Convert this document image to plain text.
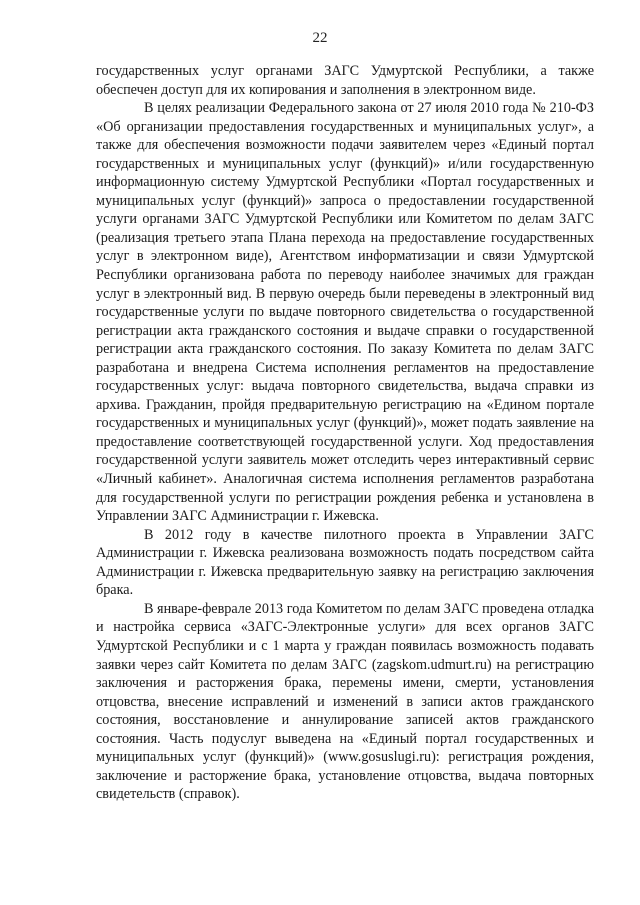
22

государственных услуг органами ЗАГС Удмуртской Республики, а также обеспечен доступ для их копирования и заполнения в электронном виде.

В целях реализации Федерального закона от 27 июля 2010 года № 210-ФЗ «Об организации предоставления государственных и муниципальных услуг», а также для обеспечения возможности подачи заявителем через «Единый портал государственных и муниципальных услуг (функций)» и/или государственную информационную систему Удмуртской Республики «Портал государственных и муниципальных услуг (функций)» запроса о предоставлении государственной услуги органами ЗАГС Удмуртской Республики или Комитетом по делам ЗАГС (реализация третьего этапа Плана перехода на предоставление государственных услуг в электронном виде), Агентством информатизации и связи Удмуртской Республики организована работа по переводу наиболее значимых для граждан услуг в электронный вид. В первую очередь были переведены в электронный вид государственные услуги по выдаче повторного свидетельства о государственной регистрации акта гражданского состояния и выдаче справки о государственной регистрации акта гражданского состояния. По заказу Комитета по делам ЗАГС разработана и внедрена Система исполнения регламентов на предоставление государственных услуг: выдача повторного свидетельства, выдача справки из архива. Гражданин, пройдя предварительную регистрацию на «Едином портале государственных и муниципальных услуг (функций)», может подать заявление на предоставление соответствующей государственной услуги. Ход предоставления государственной услуги заявитель может отследить через интерактивный сервис «Личный кабинет». Аналогичная система исполнения регламентов разработана для государственной услуги по регистрации рождения ребенка и установлена в Управлении ЗАГС Администрации г. Ижевска.

В 2012 году в качестве пилотного проекта в Управлении ЗАГС Администрации г. Ижевска реализована возможность подать посредством сайта Администрации г. Ижевска предварительную заявку на регистрацию заключения брака.

В январе-феврале 2013 года Комитетом по делам ЗАГС проведена отладка и настройка сервиса «ЗАГС-Электронные услуги» для всех органов ЗАГС Удмуртской Республики и с 1 марта у граждан появилась возможность подавать заявки через сайт Комитета по делам ЗАГС (zagskom.udmurt.ru) на регистрацию заключения и расторжения брака, перемены имени, смерти, установления отцовства, внесение исправлений и изменений в записи актов гражданского состояния, восстановление и аннулирование записей актов гражданского состояния. Часть подуслуг выведена на «Единый портал государственных и муниципальных услуг (функций)» (www.gosuslugi.ru): регистрация рождения, заключение и расторжение брака, установление отцовства, выдача повторных свидетельств (справок).
